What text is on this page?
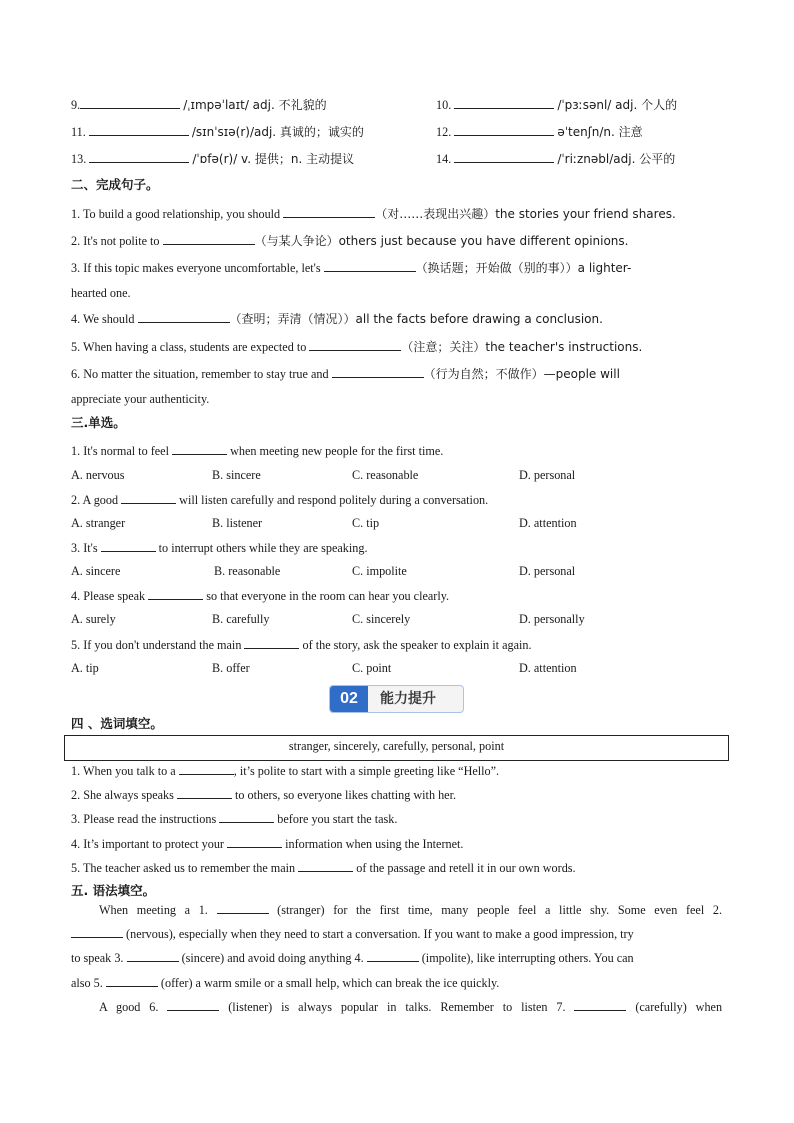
9.	/ˌɪmpəˈlaɪt/ adj. 不礼貌的	10.	/ˈpɜːsənl/ adj. 个人的
11.	/sɪnˈsɪə(r)/adj. 真诚的；诚实的	12.	əˈtenʃn/n. 注意
13.	/ˈɒfə(r)/ v. 提供；n. 主动提议	14.	/ˈriːznəbl/adj. 公平的
二、完成句子。
1. To build a good relationship, you should	（对……表现出兴趣）the stories your friend shares.
2. It's not polite to	（与某人争论）others just because you have different opinions.
3. If this topic makes everyone uncomfortable, let's	（换话题；开始做（别的事））a lighter-
hearted one.
4. We should	（查明；弄清（情况））all the facts before drawing a conclusion.
5. When having a class, students are expected to	（注意；关注）the teacher's instructions.
6. No matter the situation, remember to stay true and	（行为自然；不做作）—people will
appreciate your authenticity.
三.单选。
1. It's normal to feel	when meeting new people for the first time.
A. nervous	B. sincere	C. reasonable	D. personal
2. A good	will listen carefully and respond politely during a conversation.
A. stranger	B. listener	C. tip	D. attention
3. It's	to interrupt others while they are speaking.
A. sincere	B. reasonable	C. impolite	D. personal
4. Please speak	so that everyone in the room can hear you clearly.
A. surely	B. carefully	C. sincerely	D. personally
5. If you don't understand the main	of the story, ask the speaker to explain it again.
A. tip	B. offer	C. point	D. attention
02	能力提升
四 、选词填空。
stranger, sincerely, carefully, personal, point
1. When you talk to a	, it’s polite to start with a simple greeting like “Hello”.
2. She always speaks	to others, so everyone likes chatting with her.
3. Please read the instructions	before you start the task.
4. It’s important to protect your	information when using the Internet.
5. The teacher asked us to remember the main	of the passage and retell it in our own words.
五. 语法填空。
When meeting a 1.	(stranger) for the first time, many people feel a little shy. Some even feel 2.
(nervous), especially when they need to start a conversation. If you want to make a good impression, try
to speak 3.	(sincere) and avoid doing anything 4.	(impolite), like interrupting others. You can
also 5.	(offer) a warm smile or a small help, which can break the ice quickly.
A good 6.	(listener) is always popular in talks. Remember to listen 7.	(carefully) when
